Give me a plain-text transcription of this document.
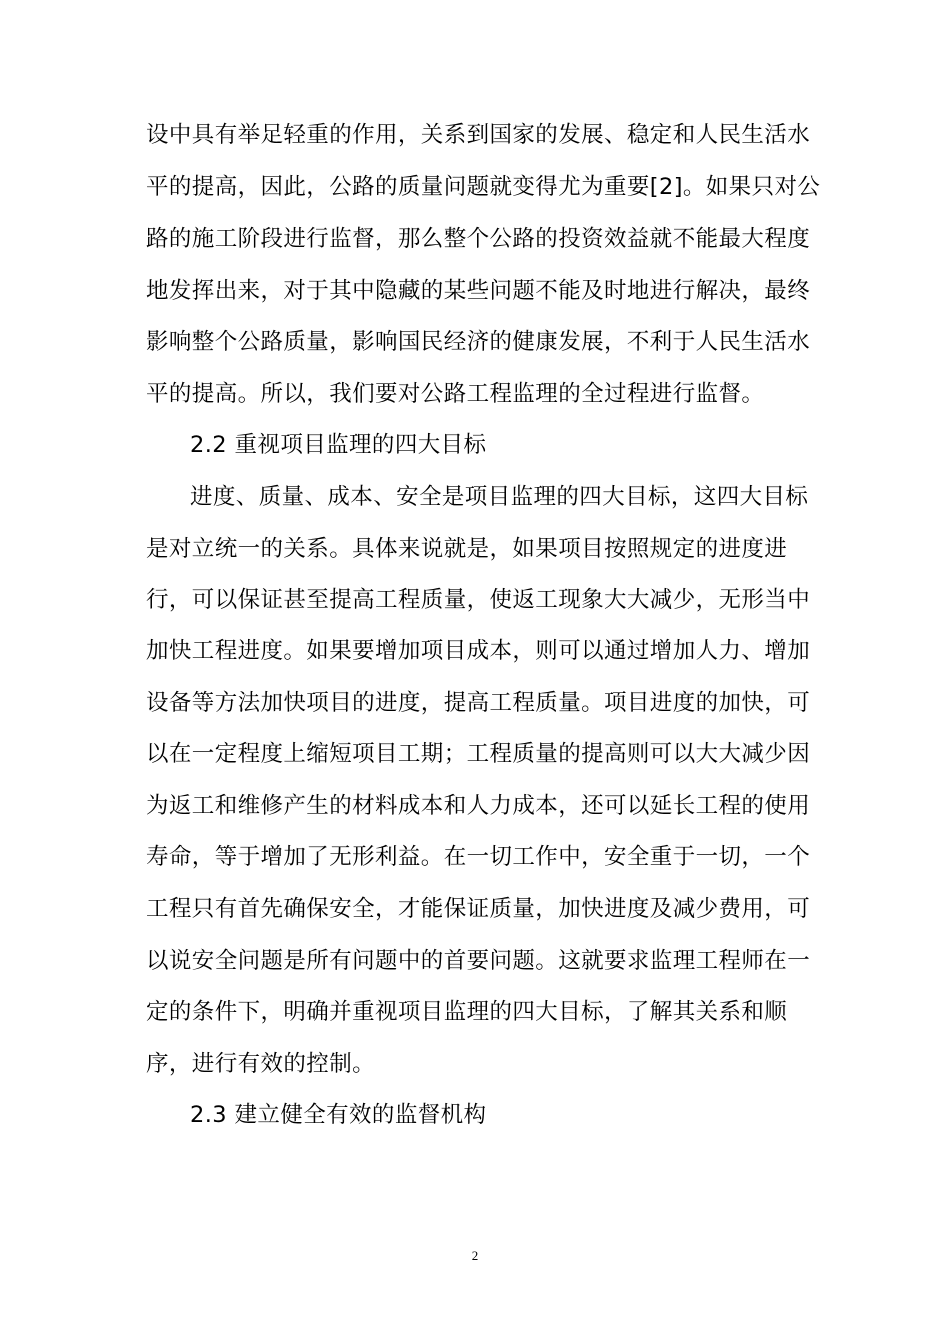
设中具有举足轻重的作用，关系到国家的发展、稳定和人民生活水
平的提高，因此，公路的质量问题就变得尤为重要[2]。如果只对公
路的施工阶段进行监督，那么整个公路的投资效益就不能最大程度
地发挥出来，对于其中隐藏的某些问题不能及时地进行解决，最终
影响整个公路质量，影响国民经济的健康发展，不利于人民生活水
平的提高。所以，我们要对公路工程监理的全过程进行监督。
2.2 重视项目监理的四大目标
进度、质量、成本、安全是项目监理的四大目标，这四大目标
是对立统一的关系。具体来说就是，如果项目按照规定的进度进
行，可以保证甚至提高工程质量，使返工现象大大减少，无形当中
加快工程进度。如果要增加项目成本，则可以通过增加人力、增加
设备等方法加快项目的进度，提高工程质量。项目进度的加快，可
以在一定程度上缩短项目工期；工程质量的提高则可以大大减少因
为返工和维修产生的材料成本和人力成本，还可以延长工程的使用
寿命，等于增加了无形利益。在一切工作中，安全重于一切，一个
工程只有首先确保安全，才能保证质量，加快进度及减少费用，可
以说安全问题是所有问题中的首要问题。这就要求监理工程师在一
定的条件下，明确并重视项目监理的四大目标，了解其关系和顺
序，进行有效的控制。
2.3 建立健全有效的监督机构
2
